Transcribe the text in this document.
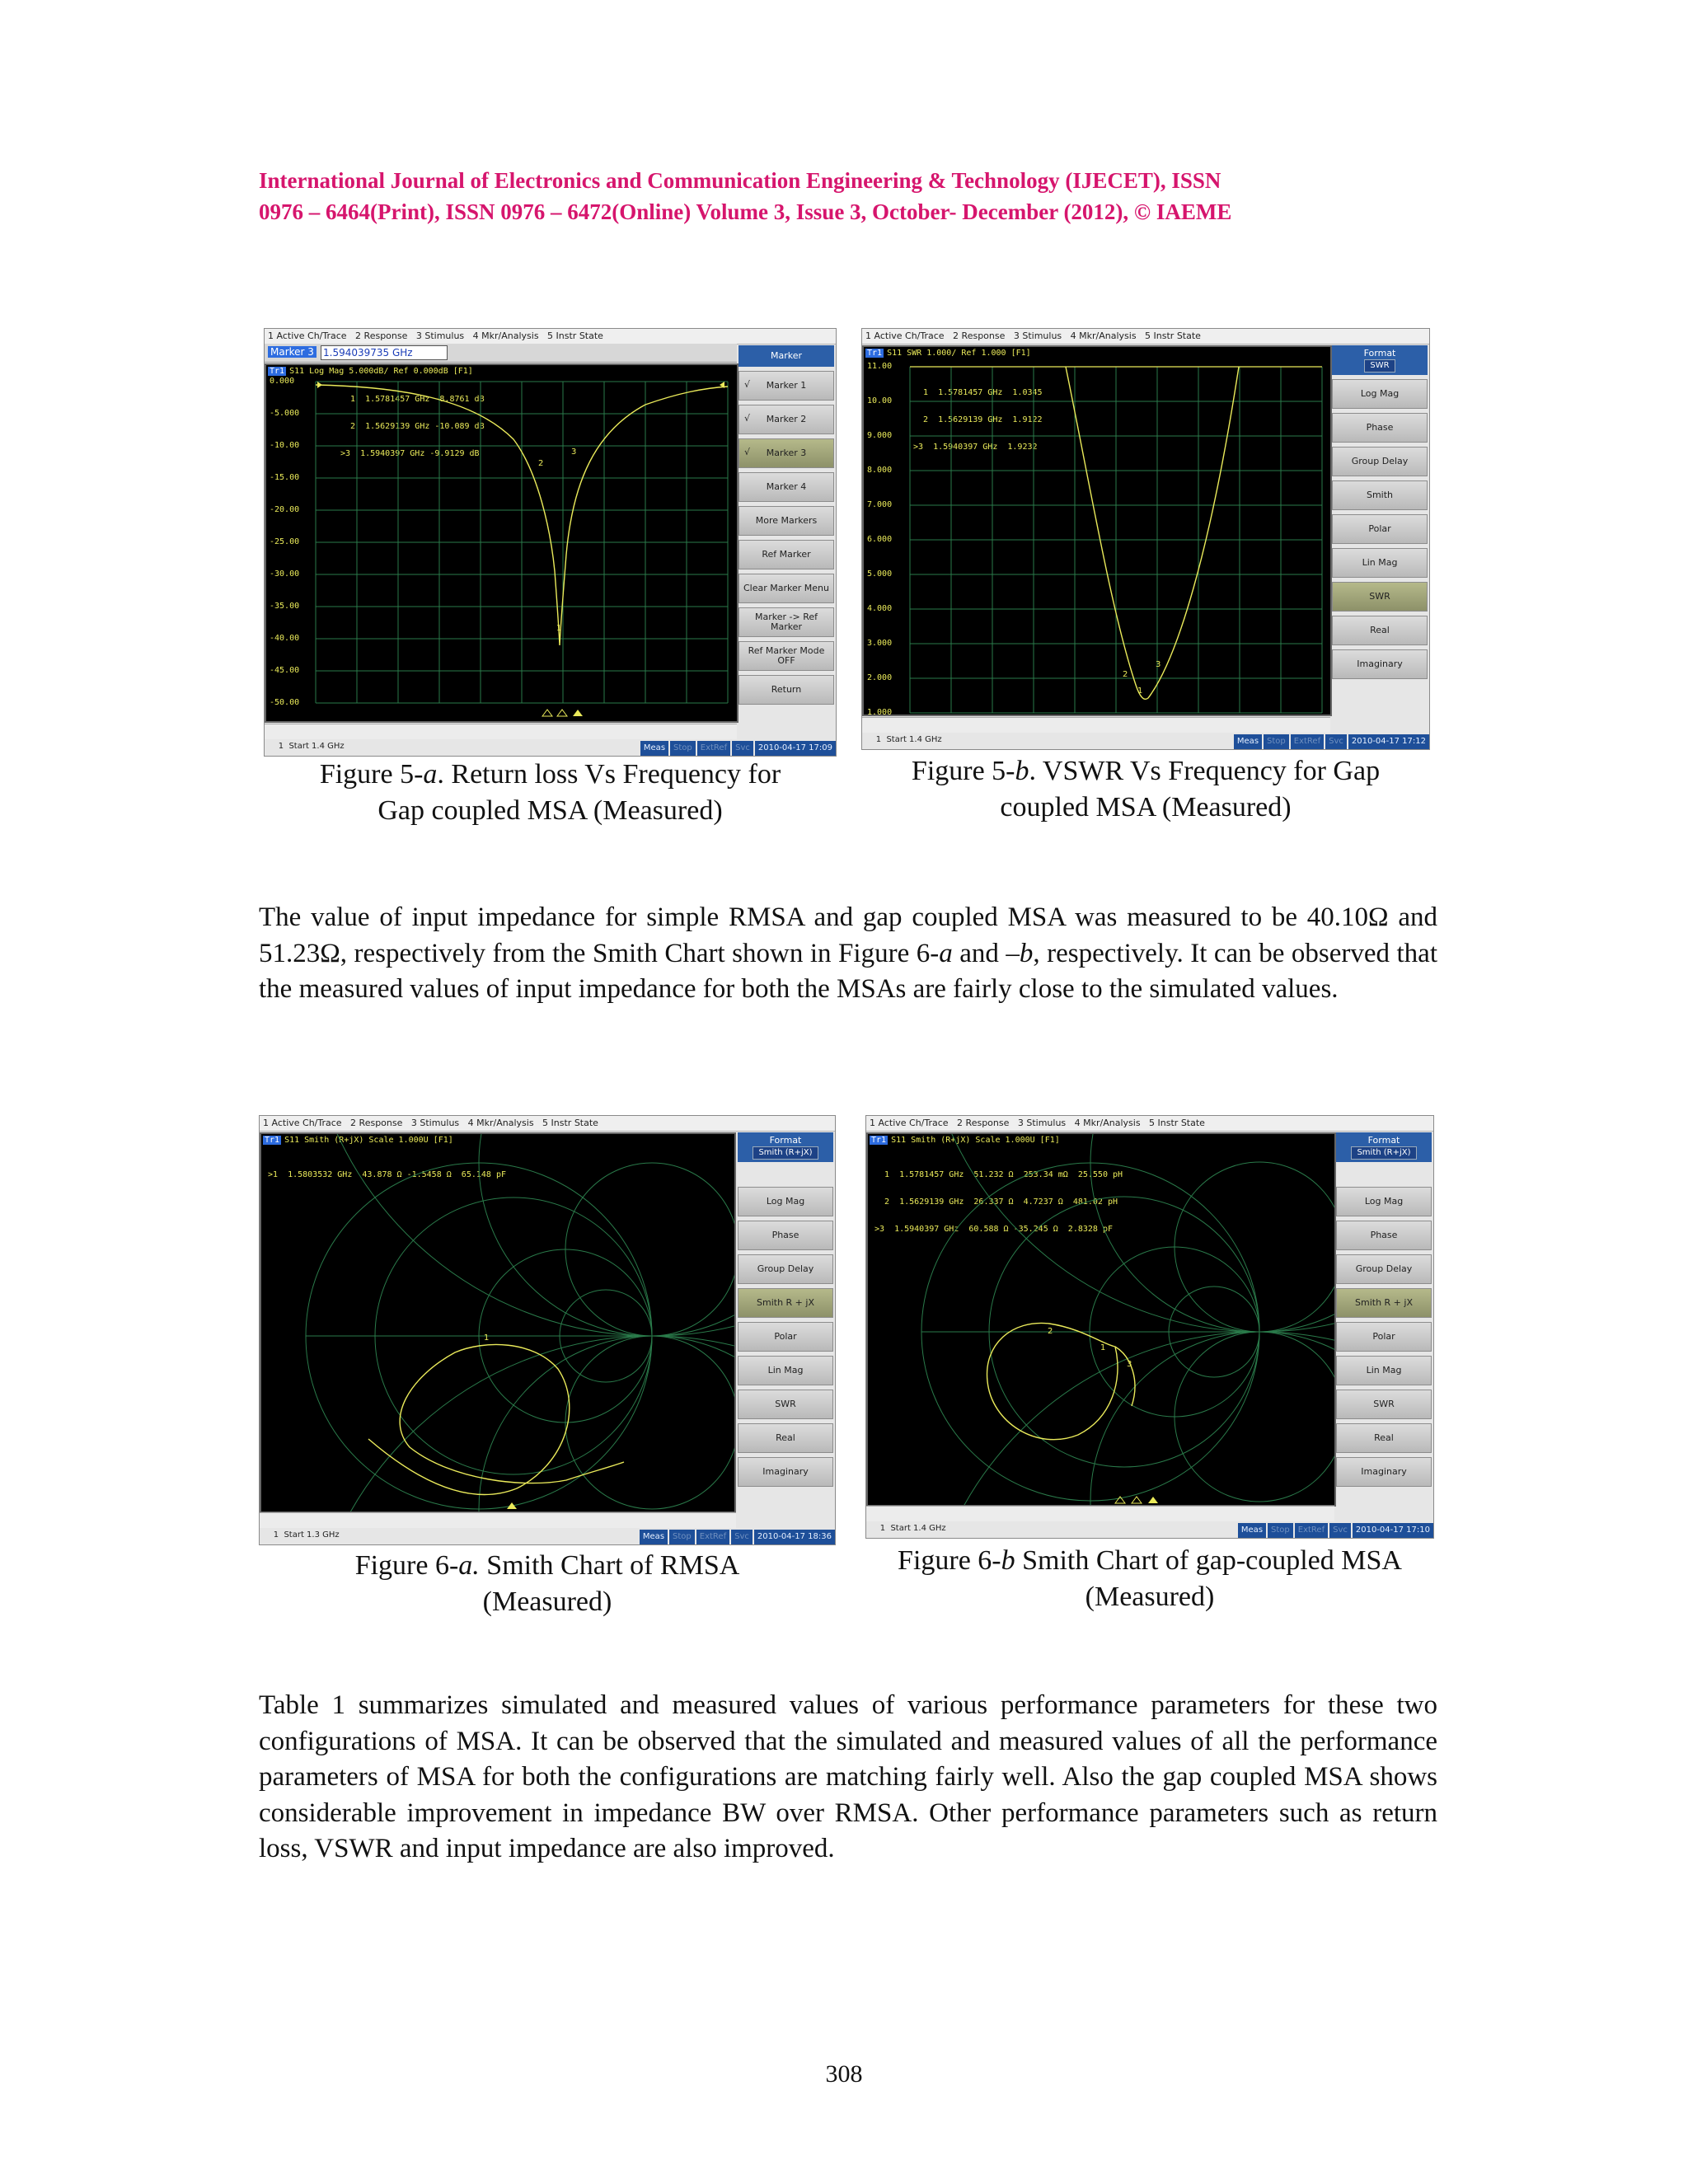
International Journal of Electronics and Communication Engineering & Technology (IJECET), ISSN
0976 – 6464(Print), ISSN 0976 – 6472(Online) Volume 3, Issue 3, October- December (2012), © IAEME
1 Active Ch/Trace   2 Response   3 Stimulus   4 Mkr/Analysis   5 Instr State
Marker 3 1.594039735 GHz
Tr1 S11 Log Mag 5.000dB/ Ref 0.000dB [F1]

1  1.5781457 GHz -8.8761 dB

2  1.5629139 GHz -10.089 dB

>3  1.5940397 GHz -9.9129 dB

0.000
-5.000
-10.00
-15.00
-20.00
-25.00
-30.00
-35.00
-40.00
-45.00
-50.00
2
3
1
Marker
√ Marker 1
√ Marker 2
√ Marker 3
Marker 4
More Markers
Ref Marker
Clear Marker Menu
Marker -> Ref Marker
Ref Marker Mode OFF
Return

1  Start 1.4 GHz

	Meas Stop ExtRef Svc 2010-04-17 17:09
Figure 5-a. Return loss Vs Frequency for
Gap coupled MSA (Measured)
1 Active Ch/Trace   2 Response   3 Stimulus   4 Mkr/Analysis   5 Instr State
Tr1 S11 SWR 1.000/ Ref 1.000 [F1]

1  1.5781457 GHz  1.0345

2  1.5629139 GHz  1.9122

>3  1.5940397 GHz  1.9232

11.00
10.00
9.000
8.000
7.000
6.000
5.000
4.000
3.000
2.000
1.000
2
3
1
Format
SWR
Log Mag
Phase
Group Delay
Smith
Polar
Lin Mag
SWR
Real
Imaginary

1  Start 1.4 GHz

	Meas Stop ExtRef Svc 2010-04-17 17:12
Figure 5-b. VSWR Vs Frequency for Gap
coupled MSA (Measured)
The value of input impedance for simple RMSA and gap coupled MSA was measured to be 40.10Ω and 51.23Ω, respectively from the Smith Chart shown in Figure 6-a and –b, respectively. It can be observed that the measured values of input impedance for both the MSAs are fairly close to the simulated values.
1 Active Ch/Trace   2 Response   3 Stimulus   4 Mkr/Analysis   5 Instr State
Tr1 S11 Smith (R+jX) Scale 1.000U [F1]

>1  1.5803532 GHz  43.878 Ω -1.5458 Ω  65.148 pF

1
Format
Smith (R+jX)
Log Mag
Phase
Group Delay
Smith R + jX
Polar
Lin Mag
SWR
Real
Imaginary

1  Start 1.3 GHz

	Meas Stop ExtRef Svc 2010-04-17 18:36
Figure 6-a. Smith Chart of RMSA
(Measured)
1 Active Ch/Trace   2 Response   3 Stimulus   4 Mkr/Analysis   5 Instr State
Tr1 S11 Smith (R+jX) Scale 1.000U [F1]

1  1.5781457 GHz  51.232 Ω  253.34 mΩ  25.550 pH

2  1.5629139 GHz  26.337 Ω  4.7237 Ω  481.02 pH

>3  1.5940397 GHz  60.588 Ω -35.245 Ω  2.8328 pF

2
1
3
Format
Smith (R+jX)
Log Mag
Phase
Group Delay
Smith R + jX
Polar
Lin Mag
SWR
Real
Imaginary

1  Start 1.4 GHz

	Meas Stop ExtRef Svc 2010-04-17 17:10
Figure 6-b Smith Chart of gap-coupled MSA
(Measured)
Table 1 summarizes simulated and measured values of various performance parameters for these two configurations of MSA. It can be observed that the simulated and measured values of all the performance parameters of MSA for both the configurations are matching fairly well. Also the gap coupled MSA shows considerable improvement in impedance BW over RMSA. Other performance parameters such as return loss, VSWR and input impedance are also improved.
308
